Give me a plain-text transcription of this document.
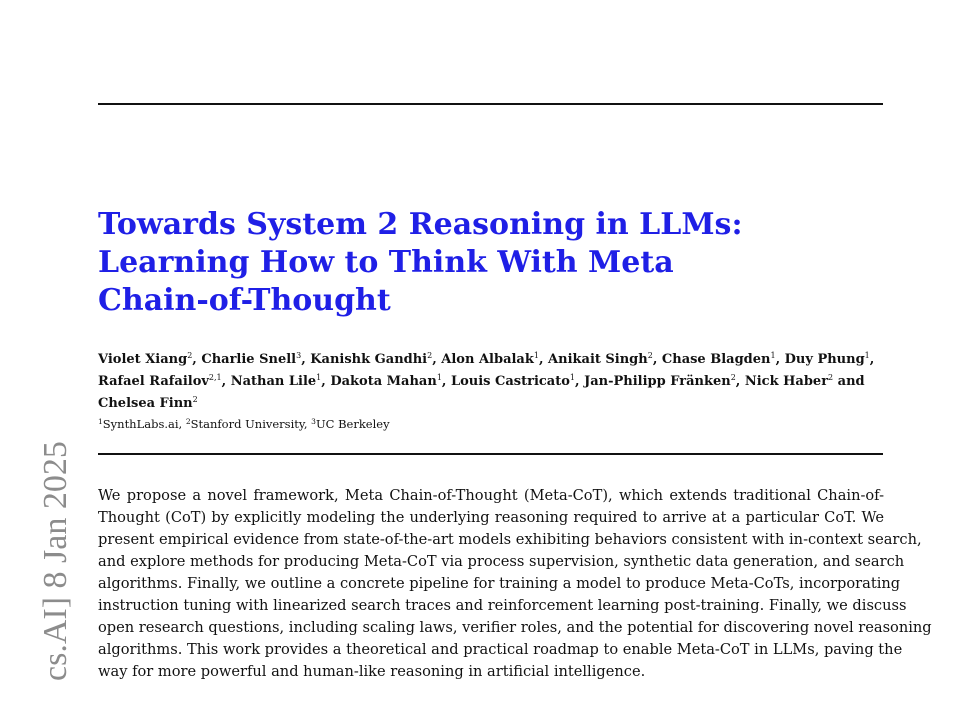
Towards System 2 Reasoning in LLMs:
Learning How to Think With Meta
Chain-of-Thought
Violet Xiang$^2$, Charlie Snell$^3$, Kanishk Gandhi$^2$, Alon Albalak$^1$, Anikait Singh$^2$, Chase Blagden$^1$, Duy Phung$^1$,
Rafael Rafailov$^{2,1}$, Nathan Lile$^1$, Dakota Mahan$^1$, Louis Castricato$^1$, Jan-Philipp Fränken$^2$, Nick Haber$^2$ and
Chelsea Finn$^2$
$^1$SynthLabs.ai, $^2$Stanford University, $^3$UC Berkeley
We propose a novel framework, Meta Chain-of-Thought (Meta-CoT), which extends traditional Chain-of-
Thought (CoT) by explicitly modeling the underlying reasoning required to arrive at a particular CoT. We
present empirical evidence from state-of-the-art models exhibiting behaviors consistent with in-context search,
and explore methods for producing Meta-CoT via process supervision, synthetic data generation, and search
algorithms. Finally, we outline a concrete pipeline for training a model to produce Meta-CoTs, incorporating
instruction tuning with linearized search traces and reinforcement learning post-training. Finally, we discuss
open research questions, including scaling laws, verifier roles, and the potential for discovering novel reasoning
algorithms. This work provides a theoretical and practical roadmap to enable Meta-CoT in LLMs, paving the
way for more powerful and human-like reasoning in artificial intelligence.
cs.AI] 8 Jan 2025
